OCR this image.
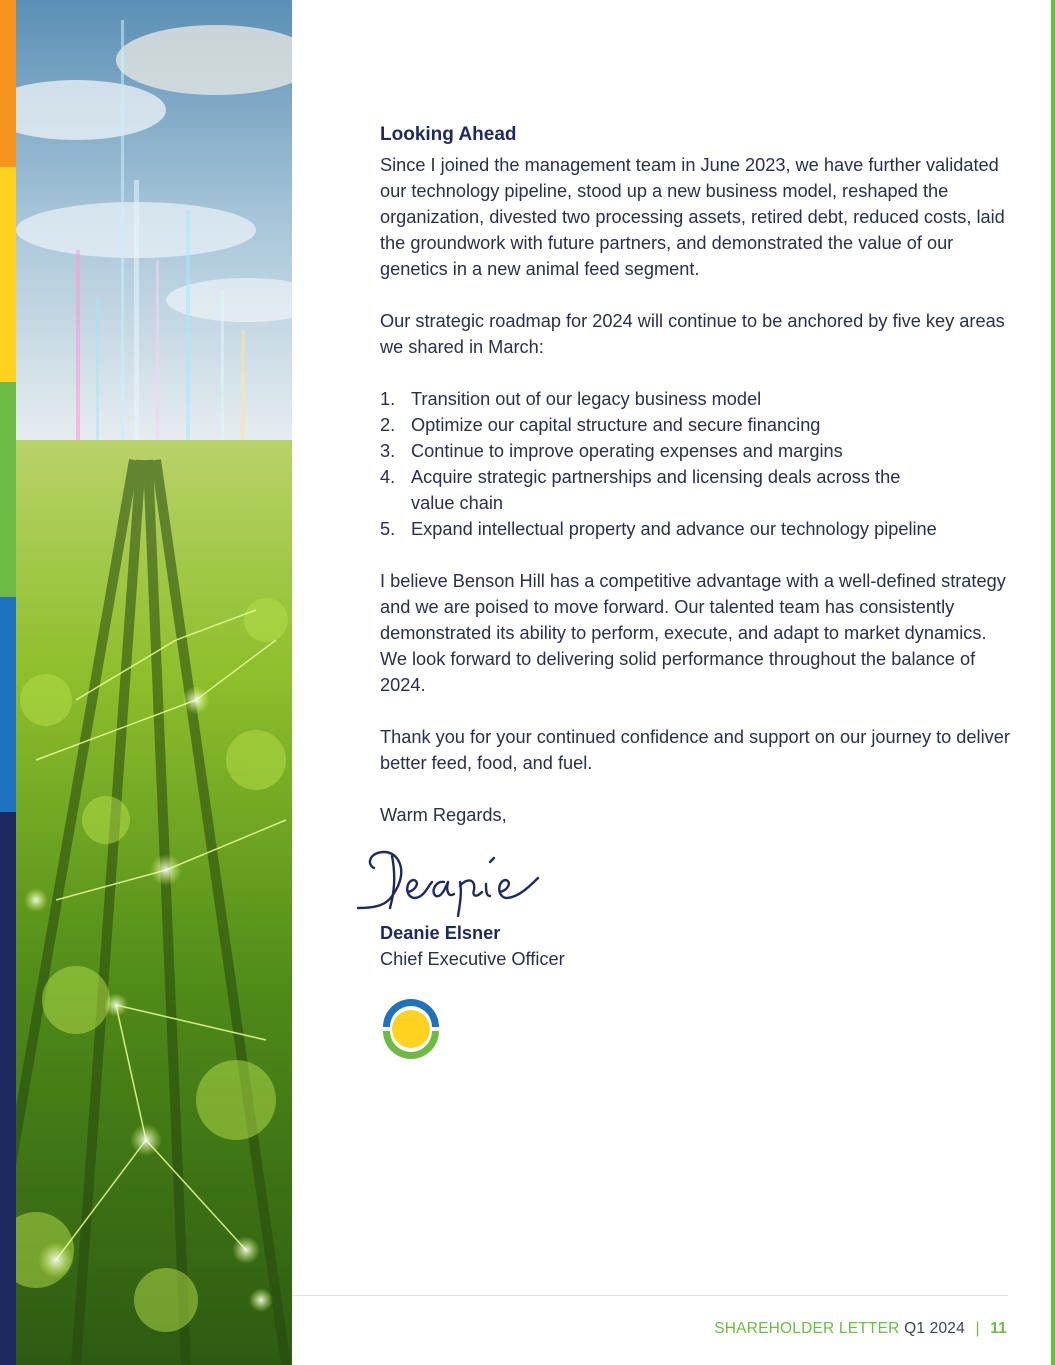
Looking Ahead

Since I joined the management team in June 2023, we have further validated our technology pipeline, stood up a new business model, reshaped the organization, divested two processing assets, retired debt, reduced costs, laid the groundwork with future partners, and demonstrated the value of our genetics in a new animal feed segment.

Our strategic roadmap for 2024 will continue to be anchored by five key areas we shared in March:

1. Transition out of our legacy business model
2. Optimize our capital structure and secure financing
3. Continue to improve operating expenses and margins
4. Acquire strategic partnerships and licensing deals across the value chain
5. Expand intellectual property and advance our technology pipeline

I believe Benson Hill has a competitive advantage with a well-defined strategy and we are poised to move forward. Our talented team has consistently demonstrated its ability to perform, execute, and adapt to market dynamics. We look forward to delivering solid performance throughout the balance of 2024.

Thank you for your continued confidence and support on our journey to deliver better feed, food, and fuel.

Warm Regards,

Deanie Elsner
Chief Executive Officer
SHAREHOLDER LETTER Q1 2024 | 11
